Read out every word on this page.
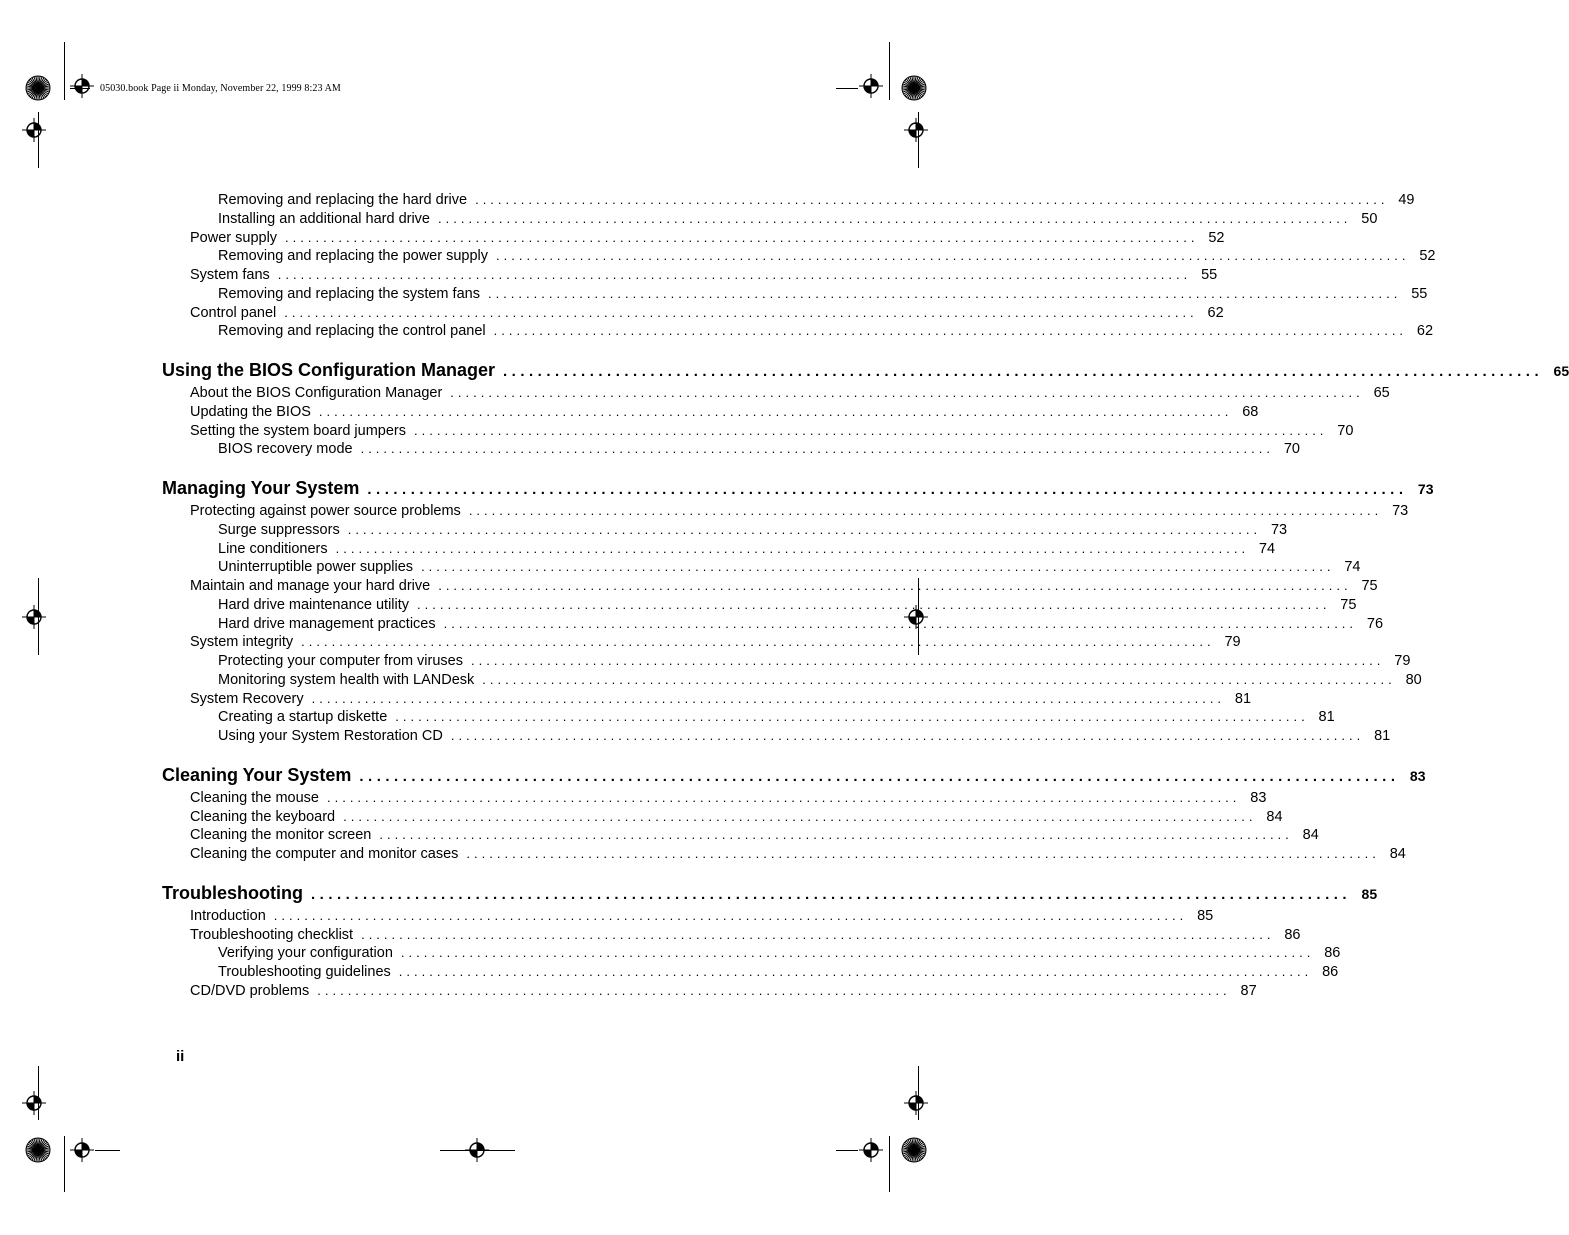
05030.book Page ii Monday, November 22, 1999 8:23 AM
Removing and replacing the hard drive ........................................................................................................................ 49
Installing an additional hard drive ........................................................................................................................ 50
Power supply ........................................................................................................................ 52
Removing and replacing the power supply ........................................................................................................................ 52
System fans ........................................................................................................................ 55
Removing and replacing the system fans ........................................................................................................................ 55
Control panel ........................................................................................................................ 62
Removing and replacing the control panel ........................................................................................................................ 62
Using the BIOS Configuration Manager ........................................................................................................................ 65
About the BIOS Configuration Manager ........................................................................................................................ 65
Updating the BIOS ........................................................................................................................ 68
Setting the system board jumpers ........................................................................................................................ 70
BIOS recovery mode ........................................................................................................................ 70
Managing Your System ........................................................................................................................ 73
Protecting against power source problems ........................................................................................................................ 73
Surge suppressors ........................................................................................................................ 73
Line conditioners ........................................................................................................................ 74
Uninterruptible power supplies ........................................................................................................................ 74
Maintain and manage your hard drive ........................................................................................................................ 75
Hard drive maintenance utility ........................................................................................................................ 75
Hard drive management practices ........................................................................................................................ 76
System integrity ........................................................................................................................ 79
Protecting your computer from viruses ........................................................................................................................ 79
Monitoring system health with LANDesk ........................................................................................................................ 80
System Recovery ........................................................................................................................ 81
Creating a startup diskette ........................................................................................................................ 81
Using your System Restoration CD ........................................................................................................................ 81
Cleaning Your System ........................................................................................................................ 83
Cleaning the mouse ........................................................................................................................ 83
Cleaning the keyboard ........................................................................................................................ 84
Cleaning the monitor screen ........................................................................................................................ 84
Cleaning the computer and monitor cases ........................................................................................................................ 84
Troubleshooting ........................................................................................................................ 85
Introduction ........................................................................................................................ 85
Troubleshooting checklist ........................................................................................................................ 86
Verifying your configuration ........................................................................................................................ 86
Troubleshooting guidelines ........................................................................................................................ 86
CD/DVD problems ........................................................................................................................ 87
ii
